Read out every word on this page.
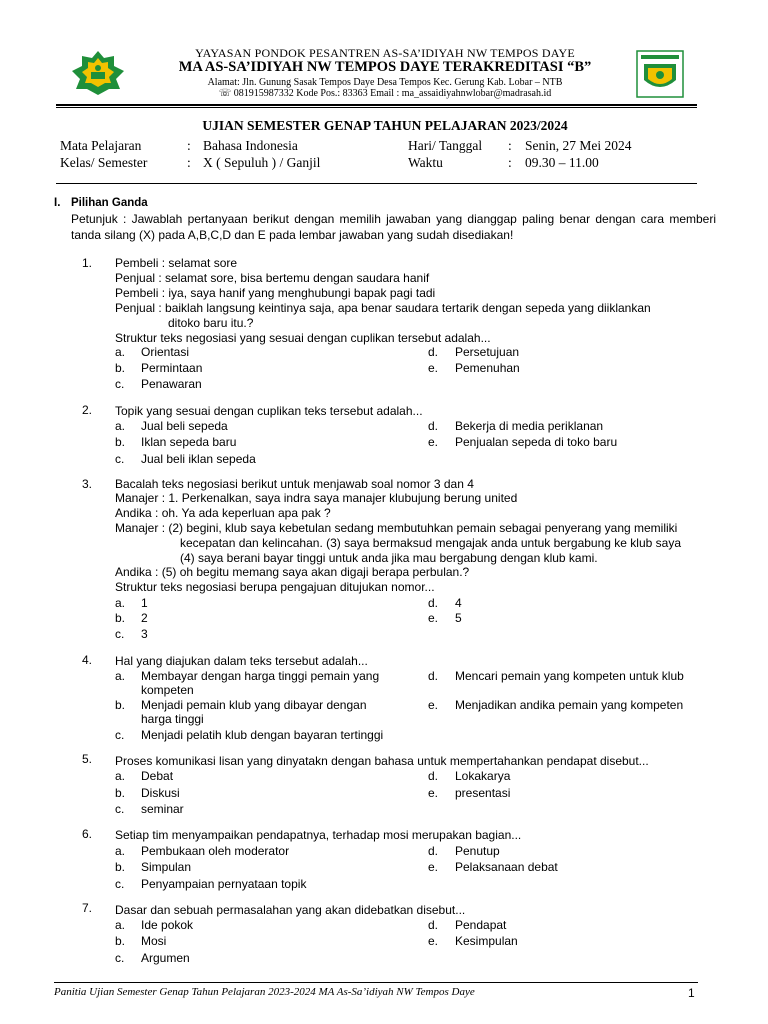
YAYASAN PONDOK PESANTREN AS-SA’IDIYAH NW TEMPOS DAYE
MA AS-SA’IDIYAH NW TEMPOS DAYE TERAKREDITASI “B”
Alamat: Jln. Gunung Sasak Tempos Daye Desa Tempos Kec. Gerung Kab. Lobar – NTB
☏ 081915987332 Kode Pos.: 83363 Email : ma_assaidiyahnwlobar@madrasah.id
UJIAN SEMESTER GENAP TAHUN PELAJARAN 2023/2024
Mata Pelajaran	: Bahasa Indonesia
Kelas/ Semester	: X ( Sepuluh ) / Ganjil
Hari/ Tanggal : Senin, 27 Mei 2024
Waktu	: 09.30 – 11.00
I. Pilihan Ganda
Petunjuk : Jawablah pertanyaan berikut dengan memilih jawaban yang dianggap paling benar dengan cara memberi tanda silang (X) pada A,B,C,D dan E pada lembar jawaban yang sudah disediakan!
1. Pembeli : selamat sore
Penjual : selamat sore, bisa bertemu dengan saudara hanif
Pembeli : iya, saya hanif yang menghubungi bapak pagi tadi
Penjual : baiklah langsung keintinya saja, apa benar saudara tertarik dengan sepeda yang diiklankan
ditoko baru itu.?
Struktur teks negosiasi yang sesuai dengan cuplikan tersebut adalah...
a. Orientasi
b. Permintaan
c. Penawaran
d. Persetujuan
e. Pemenuhan
2. Topik yang sesuai dengan cuplikan teks tersebut adalah...
a. Jual beli sepeda
b. Iklan sepeda baru
c. Jual beli iklan sepeda
d. Bekerja di media periklanan
e. Penjualan sepeda di toko baru
3. Bacalah teks negosiasi berikut untuk menjawab soal nomor 3 dan 4
Manajer : 1. Perkenalkan, saya indra saya manajer klubujung berung united
Andika : oh. Ya ada keperluan apa pak ?
Manajer : (2) begini, klub saya kebetulan sedang membutuhkan pemain sebagai penyerang yang memiliki
kecepatan dan kelincahan. (3) saya bermaksud mengajak anda untuk bergabung ke klub saya
(4) saya berani bayar tinggi untuk anda jika mau bergabung dengan klub kami.
Andika : (5) oh begitu memang saya akan digaji berapa perbulan.?
Struktur teks negosiasi berupa pengajuan ditujukan nomor...
a. 1
b. 2
c. 3
d. 4
e. 5
4. Hal yang diajukan dalam teks tersebut adalah...
a. Membayar dengan harga tinggi pemain yang
kompeten
b. Menjadi pemain klub yang dibayar dengan
harga tinggi
c. Menjadi pelatih klub dengan bayaran tertinggi
d. Mencari pemain yang kompeten untuk klub
e. Menjadikan andika pemain yang kompeten
5. Proses komunikasi lisan yang dinyatakn dengan bahasa untuk mempertahankan pendapat disebut...
a. Debat
b. Diskusi
c. seminar
d. Lokakarya
e. presentasi
6. Setiap tim menyampaikan pendapatnya, terhadap mosi merupakan bagian...
a. Pembukaan oleh moderator
b. Simpulan
c. Penyampaian pernyataan topik
d. Penutup
e. Pelaksanaan debat
7. Dasar dan sebuah permasalahan yang akan didebatkan disebut...
a. Ide pokok
b. Mosi
c. Argumen
d. Pendapat
e. Kesimpulan
Panitia Ujian Semester Genap Tahun Pelajaran 2023-2024 MA As-Sa’idiyah NW Tempos Daye	1
